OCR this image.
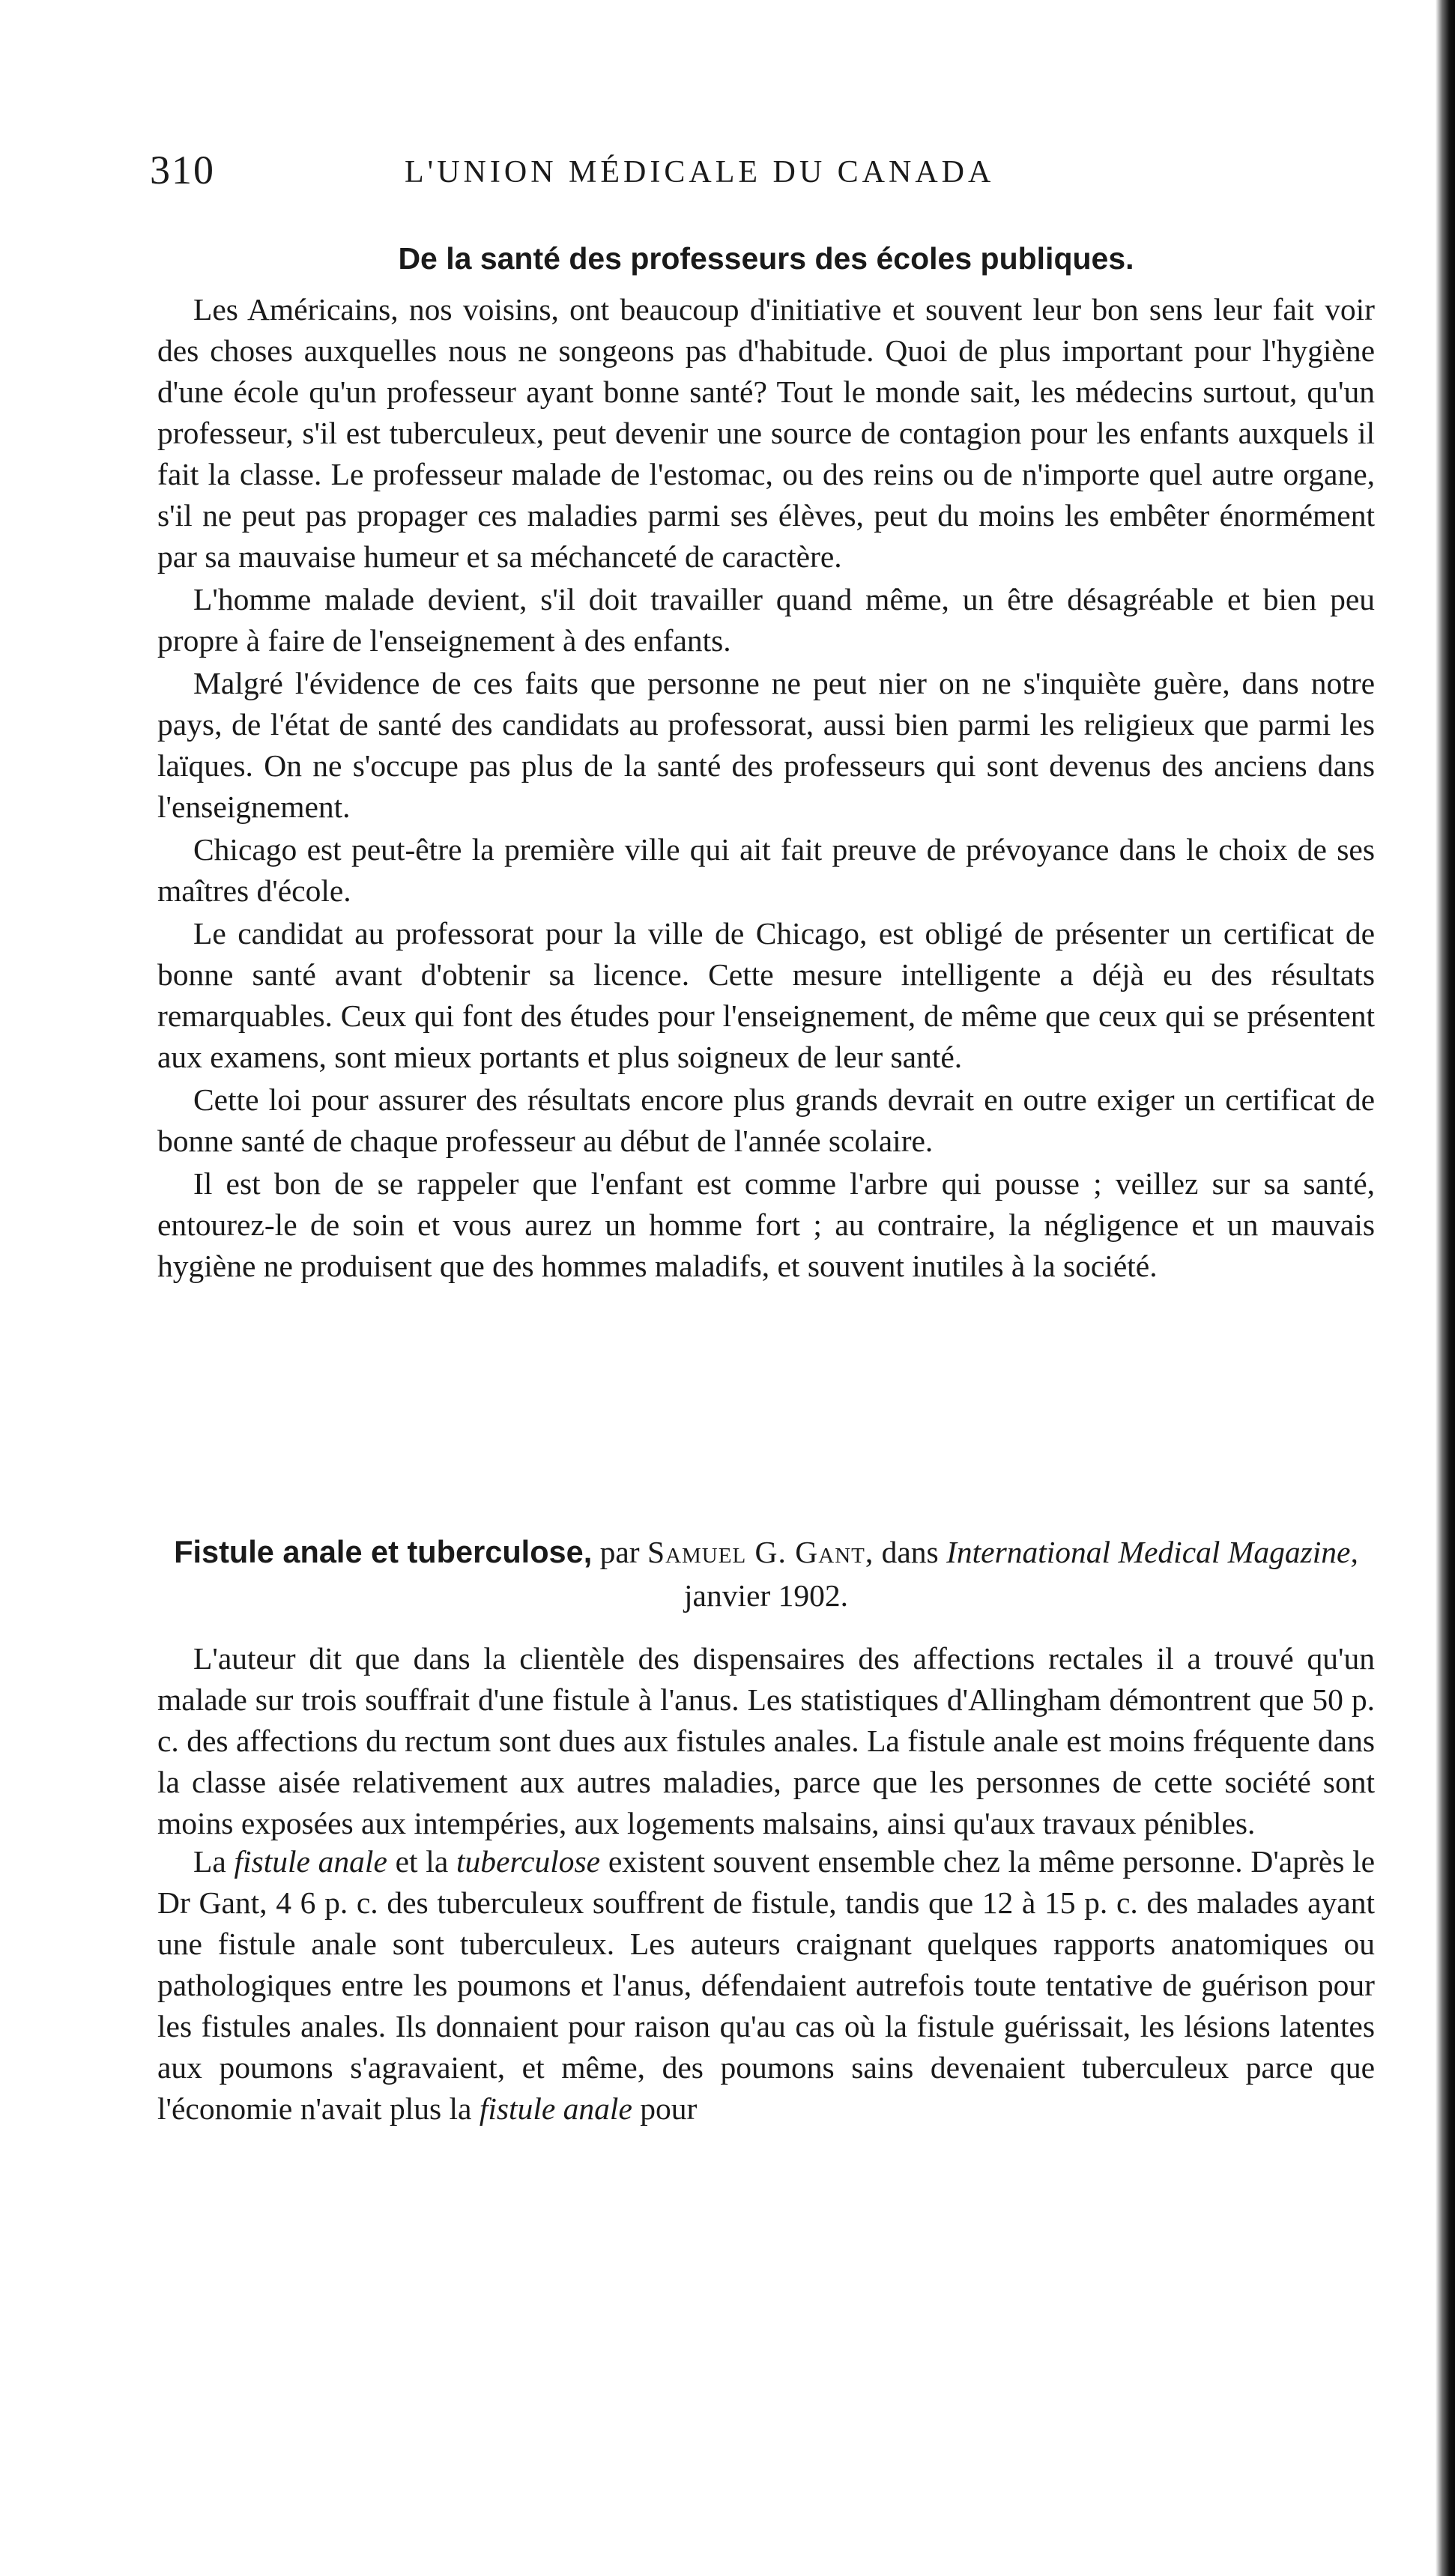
310	L'UNION MÉDICALE DU CANADA
De la santé des professeurs des écoles publiques.

Les Américains, nos voisins, ont beaucoup d'initiative et souvent leur bon sens leur fait voir des choses auxquelles nous ne songeons pas d'habitude. Quoi de plus important pour l'hygiène d'une école qu'un professeur ayant bonne santé? Tout le monde sait, les médecins surtout, qu'un professeur, s'il est tuberculeux, peut devenir une source de contagion pour les enfants auxquels il fait la classe. Le professeur malade de l'estomac, ou des reins ou de n'importe quel autre organe, s'il ne peut pas propager ces maladies parmi ses élèves, peut du moins les embêter énormément par sa mauvaise humeur et sa méchanceté de caractère.

L'homme malade devient, s'il doit travailler quand même, un être désagréable et bien peu propre à faire de l'enseignement à des enfants.

Malgré l'évidence de ces faits que personne ne peut nier on ne s'inquiète guère, dans notre pays, de l'état de santé des candidats au professorat, aussi bien parmi les religieux que parmi les laïques. On ne s'occupe pas plus de la santé des professeurs qui sont devenus des anciens dans l'enseignement.

Chicago est peut-être la première ville qui ait fait preuve de prévoyance dans le choix de ses maîtres d'école.

Le candidat au professorat pour la ville de Chicago, est obligé de présenter un certificat de bonne santé avant d'obtenir sa licence. Cette mesure intelligente a déjà eu des résultats remarquables. Ceux qui font des études pour l'enseignement, de même que ceux qui se présentent aux examens, sont mieux portants et plus soigneux de leur santé.

Cette loi pour assurer des résultats encore plus grands devrait en outre exiger un certificat de bonne santé de chaque professeur au début de l'année scolaire.

Il est bon de se rappeler que l'enfant est comme l'arbre qui pousse ; veillez sur sa santé, entourez-le de soin et vous aurez un homme fort ; au contraire, la négligence et un mauvais hygiène ne produisent que des hommes maladifs, et souvent inutiles à la société.

Fistule anale et tuberculose, par Samuel G. Gant, dans International Medical Magazine, janvier 1902.

L'auteur dit que dans la clientèle des dispensaires des affections rectales il a trouvé qu'un malade sur trois souffrait d'une fistule à l'anus. Les statistiques d'Allingham démontrent que 50 p. c. des affections du rectum sont dues aux fistules anales. La fistule anale est moins fréquente dans la classe aisée relativement aux autres maladies, parce que les personnes de cette société sont moins exposées aux intempéries, aux logements malsains, ainsi qu'aux travaux pénibles.

La fistule anale et la tuberculose existent souvent ensemble chez la même personne. D'après le Dr Gant, 4 6 p. c. des tuberculeux souffrent de fistule, tandis que 12 à 15 p. c. des malades ayant une fistule anale sont tuberculeux. Les auteurs craignant quelques rapports anatomiques ou pathologiques entre les poumons et l'anus, défendaient autrefois toute tentative de guérison pour les fistules anales. Ils donnaient pour raison qu'au cas où la fistule guérissait, les lésions latentes aux poumons s'agravaient, et même, des poumons sains devenaient tuberculeux parce que l'économie n'avait plus la fistule anale pour
